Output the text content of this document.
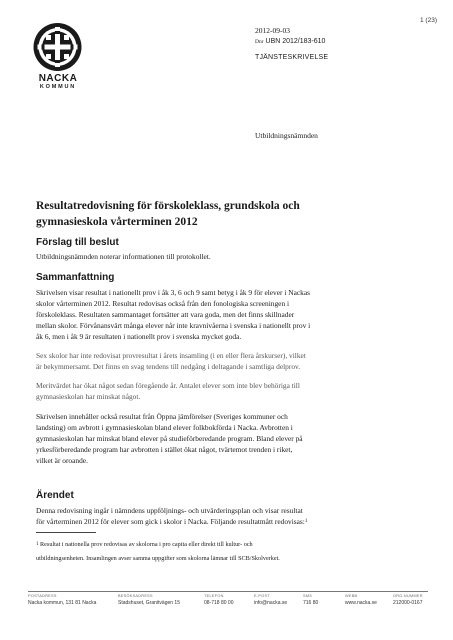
NACKA
KOMMUN
1 (23)
2012-09-03
Dnr UBN 2012/183-610
TJÄNSTESKRIVELSE
Utbildningsnämnden
Resultatredovisning för förskoleklass, grundskola och
gymnasieskola vårterminen 2012
Förslag till beslut

Utbildningsnämnden noterar informationen till protokollet.

Sammanfattning

Skrivelsen visar resultat i nationellt prov i åk 3, 6 och 9 samt betyg i åk 9 för elever i Nackas
skolor vårterminen 2012. Resultat redovisas också från den fonologiska screeningen i
förskoleklass. Resultaten sammantaget fortsätter att vara goda, men det finns skillnader
mellan skolor. Förvånansvärt många elever når inte kravnivåerna i svenska i nationellt prov i
åk 6, men i åk 9 är resultaten i nationellt prov i svenska mycket goda.

Sex skolor har inte redovisat provresultat i årets insamling (i en eller flera årskurser), vilket
är bekymmersamt. Det finns en svag tendens till nedgång i deltagande i samtliga delprov.

Meritvärdet har ökat något sedan föregående år. Antalet elever som inte blev behöriga till
gymnasieskolan har minskat något.

Skrivelsen innehåller också resultat från Öppna jämförelser (Sveriges kommuner och
landsting) om avbrott i gymnasieskolan bland elever folkbokförda i Nacka. Avbrotten i
gymnasieskolan har minskat bland elever på studieförberedande program. Bland elever på
yrkesförberedande program har avbrotten i stället ökat något, tvärtemot trenden i riket,
vilket är oroande.

Ärendet

Denna redovisning ingår i nämndens uppföljnings- och utvärderingsplan och visar resultat
för vårterminen 2012 för elever som gick i skolor i Nacka. Följande resultatmått redovisas:$^1$

$^1$ Resultat i nationella prov redovisas av skolorna i pro capita eller direkt till kultur- och
utbildningsenheten. Insamlingen avser samma uppgifter som skolorna lämnar till SCB/Skolverket.
POSTADRESS
Nacka kommun, 131 81 Nacka
BESÖKSADRESS
Stadshuset, Granitvägen 15
TELEFON
08-718 80 00
E-POST
info@nacka.se
SMS
716 80
WEBB
www.nacka.se
ORG.NUMMER
212000-0167
